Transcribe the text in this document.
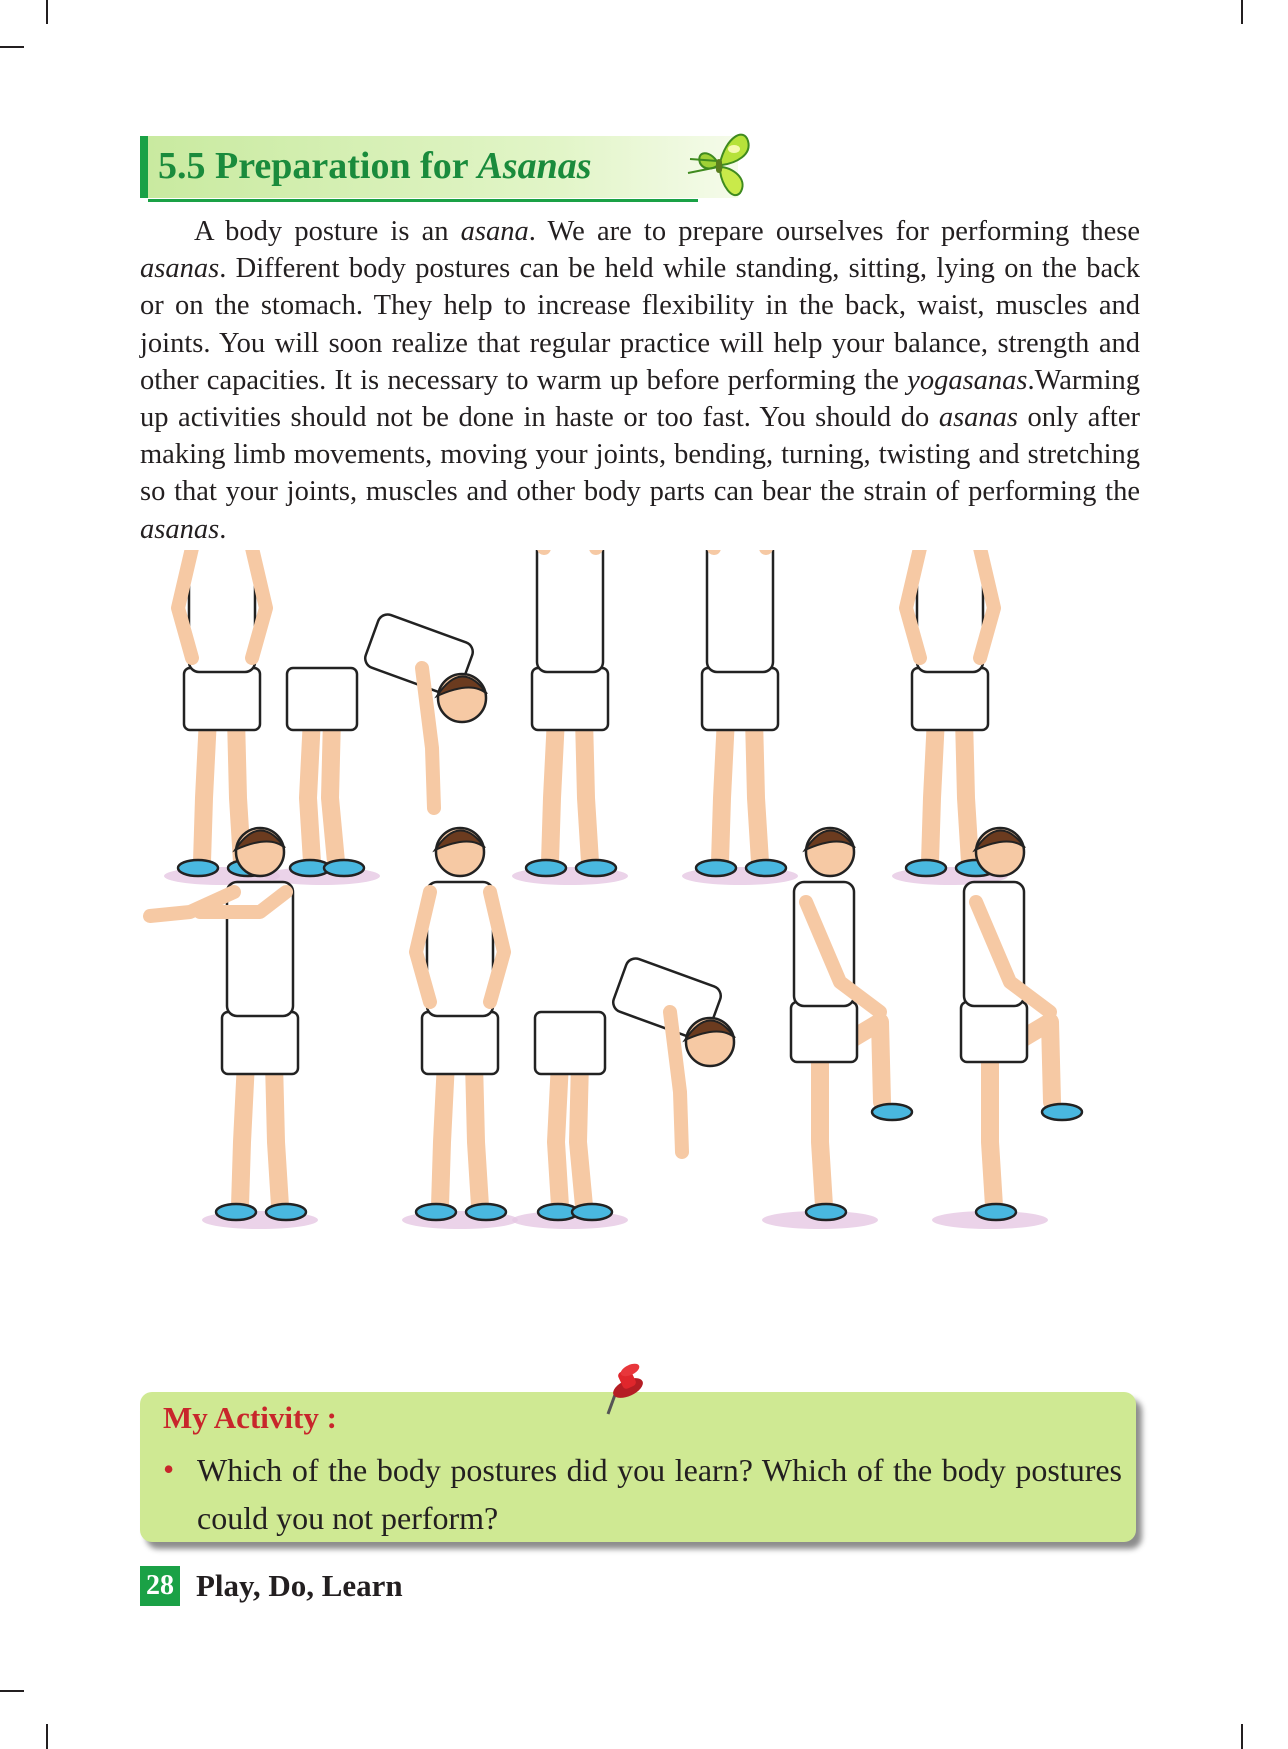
5.5 Preparation for Asanas

A body posture is an asana. We are to prepare ourselves for performing these asanas. Different body postures can be held while standing, sitting, lying on the back or on the stomach. They help to increase flexibility in the back, waist, muscles and joints. You will soon realize that regular practice will help your balance, strength and other capacities. It is necessary to warm up before performing the yogasanas.Warming up activities should not be done in haste or too fast. You should do asanas only after making limb movements, moving your joints, bending, turning, twisting and stretching so that your joints, muscles and other body parts can bear the strain of performing the asanas.

My Activity :
• Which of the body postures did you learn? Which of the body postures could you not perform?
28 Play, Do, Learn
